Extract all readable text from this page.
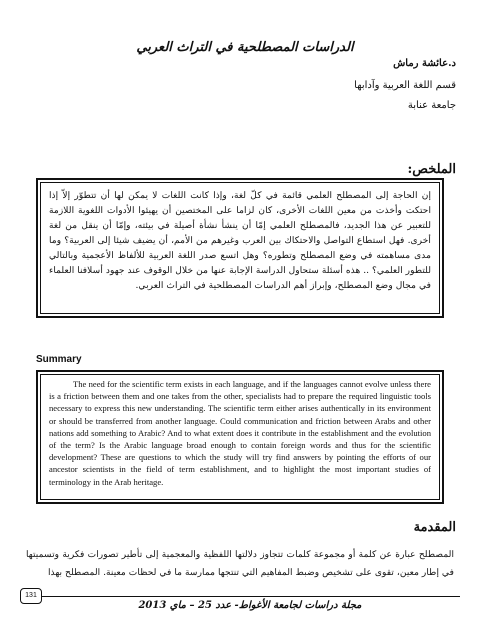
الدراسات المصطلحية في التراث العربي
د.عائشة رماش
قسم اللغة العربية وآدابها
جامعة عنابة
الملخص:
إن الحاجة إلى المصطلح العلمي قائمة في كلّ لغة، وإذا كانت اللغات لا يمكن لها أن تتطوّر إلاّ إذا احتكت وأخذت من معين اللغات الأخرى، كان لزاما على المختصين أن يهيئوا الأدوات اللغوية اللازمة للتعبير عن هذا الجديد، فالمصطلح العلمي إمّا أن ينشأ نشأة أصيلة في بيئته، وإمّا أن ينقل من لغة أخرى. فهل استطاع التواصل والاحتكاك بين العرب وغيرهم من الأمم، أن يضيف شيئا إلى العربية؟ وما مدى مساهمته في وضع المصطلح وتطوره؟ وهل اتسع صدر اللغة العربية للألفاظ الأعجمية وبالتالي للتطور العلمي؟ .. هذه أسئلة ستحاول الدراسة الإجابة عنها من خلال الوقوف عند جهود أسلافنا العلماء في مجال وضع المصطلح، وإبراز أهم الدراسات المصطلحية في التراث العربي.
Summary
The need for the scientific term exists in each language, and if the languages cannot evolve unless there is a friction between them and one takes from the other, specialists had to prepare the required linguistic tools necessary to express this new understanding. The scientific term either arises authentically in its environment or should be transferred from another language. Could communication and friction between Arabs and other nations add something to Arabic? And to what extent does it contribute in the establishment and the evolution of the term? Is the Arabic language broad enough to contain foreign words and thus for the scientific development? These are questions to which the study will try find answers by pointing the efforts of our ancestor scientists in the field of term establishment, and to highlight the most important studies of terminology in the Arab heritage.
المقدمة
المصطلح عبارة عن كلمة أو مجموعة كلمات تتجاوز دلالتها اللفظية والمعجمية إلى تأطير تصورات فكرية وتسميتها في إطار معين، تقوى على تشخيص وضبط المفاهيم التي تنتجها ممارسة ما في لحظات معينة. المصطلح بهذا
131
مجلة دراسات لجامعة الأغواط- عدد 25 – ماي 2013
